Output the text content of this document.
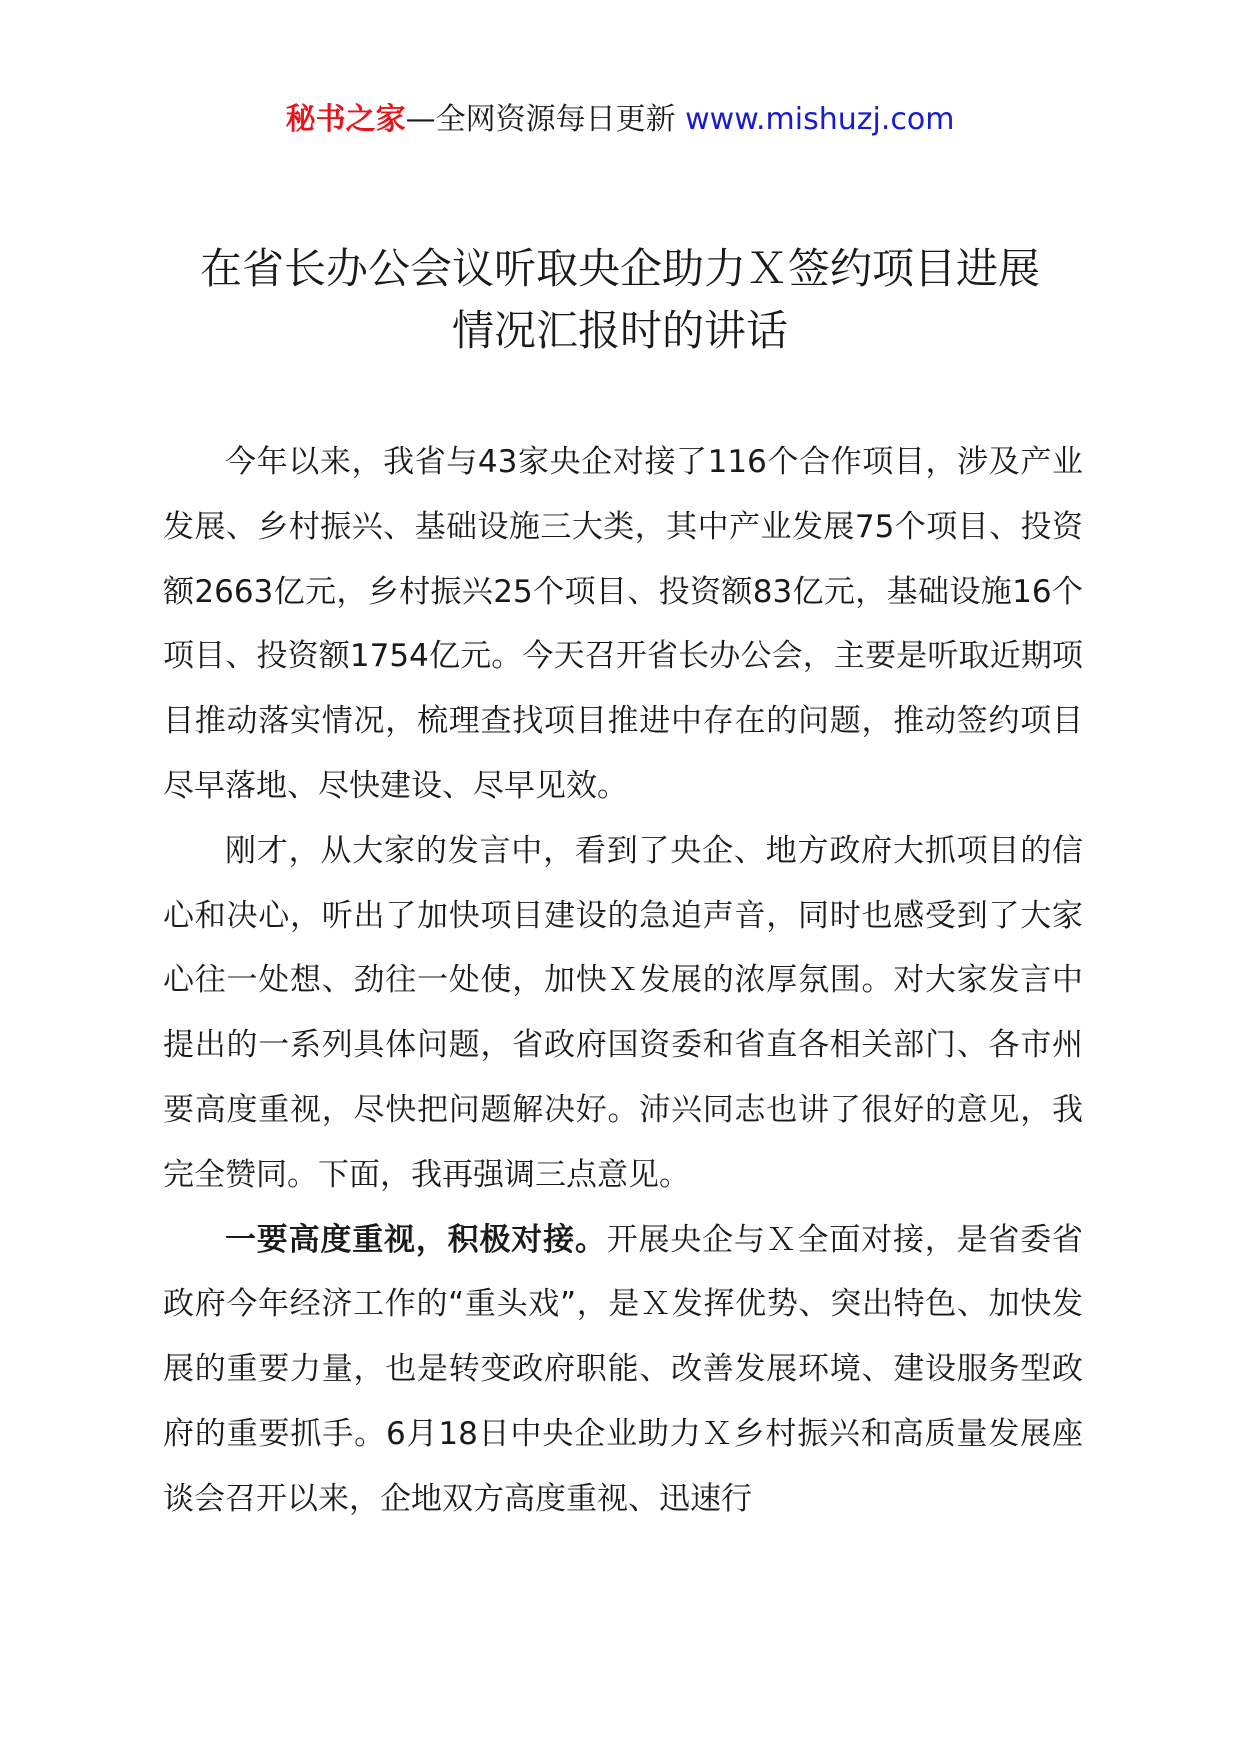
秘书之家—全网资源每日更新 www.mishuzj.com
在省长办公会议听取央企助力Ｘ签约项目进展
情况汇报时的讲话

今年以来，我省与43家央企对接了116个合作项目，涉及产业发展、乡村振兴、基础设施三大类，其中产业发展75个项目、投资额2663亿元，乡村振兴25个项目、投资额83亿元，基础设施16个项目、投资额1754亿元。今天召开省长办公会，主要是听取近期项目推动落实情况，梳理查找项目推进中存在的问题，推动签约项目尽早落地、尽快建设、尽早见效。

刚才，从大家的发言中，看到了央企、地方政府大抓项目的信心和决心，听出了加快项目建设的急迫声音，同时也感受到了大家心往一处想、劲往一处使，加快Ｘ发展的浓厚氛围。对大家发言中提出的一系列具体问题，省政府国资委和省直各相关部门、各市州要高度重视，尽快把问题解决好。沛兴同志也讲了很好的意见，我完全赞同。下面，我再强调三点意见。

一要高度重视，积极对接。开展央企与Ｘ全面对接，是省委省政府今年经济工作的“重头戏”，是Ｘ发挥优势、突出特色、加快发展的重要力量，也是转变政府职能、改善发展环境、建设服务型政府的重要抓手。6月18日中央企业助力Ｘ乡村振兴和高质量发展座谈会召开以来，企地双方高度重视、迅速行
